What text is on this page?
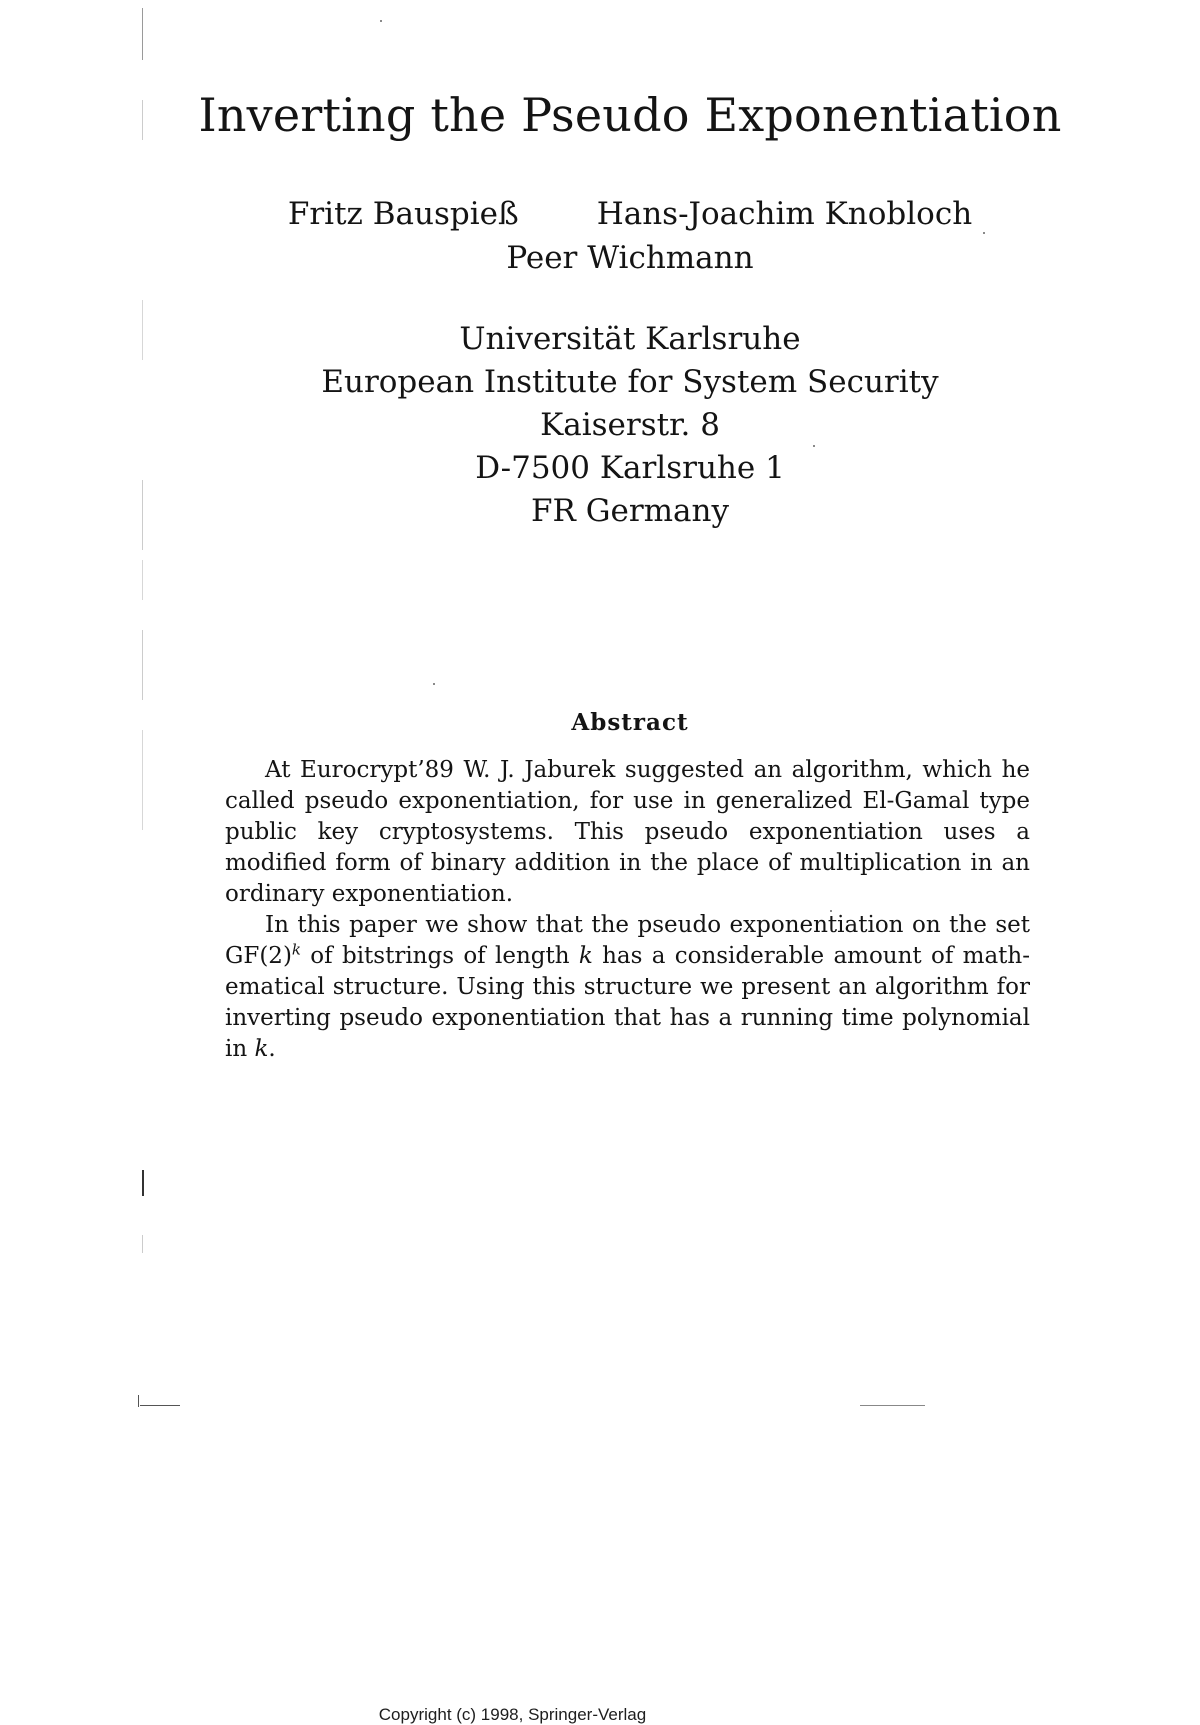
Inverting the Pseudo Exponentiation
Fritz Bauspieß	Hans-Joachim Knobloch
Peer Wichmann
Universität Karlsruhe
European Institute for System Security
Kaiserstr. 8
D-7500 Karlsruhe 1
FR Germany
Abstract

At Eurocrypt’89 W. J. Jaburek suggested an algorithm, which he called pseudo exponentiation, for use in generalized El-Gamal type public key cryptosystems. This pseudo exponentiation uses a modified form of binary addition in the place of multiplication in an ordinary exponentiation.

In this paper we show that the pseudo exponentiation on the set $GF(2)^k$ of bitstrings of length k has a considerable amount of mathematical structure. Using this structure we present an algorithm for inverting pseudo exponentiation that has a running time polynomial in k.

Copyright (c) 1998, Springer-Verlag
